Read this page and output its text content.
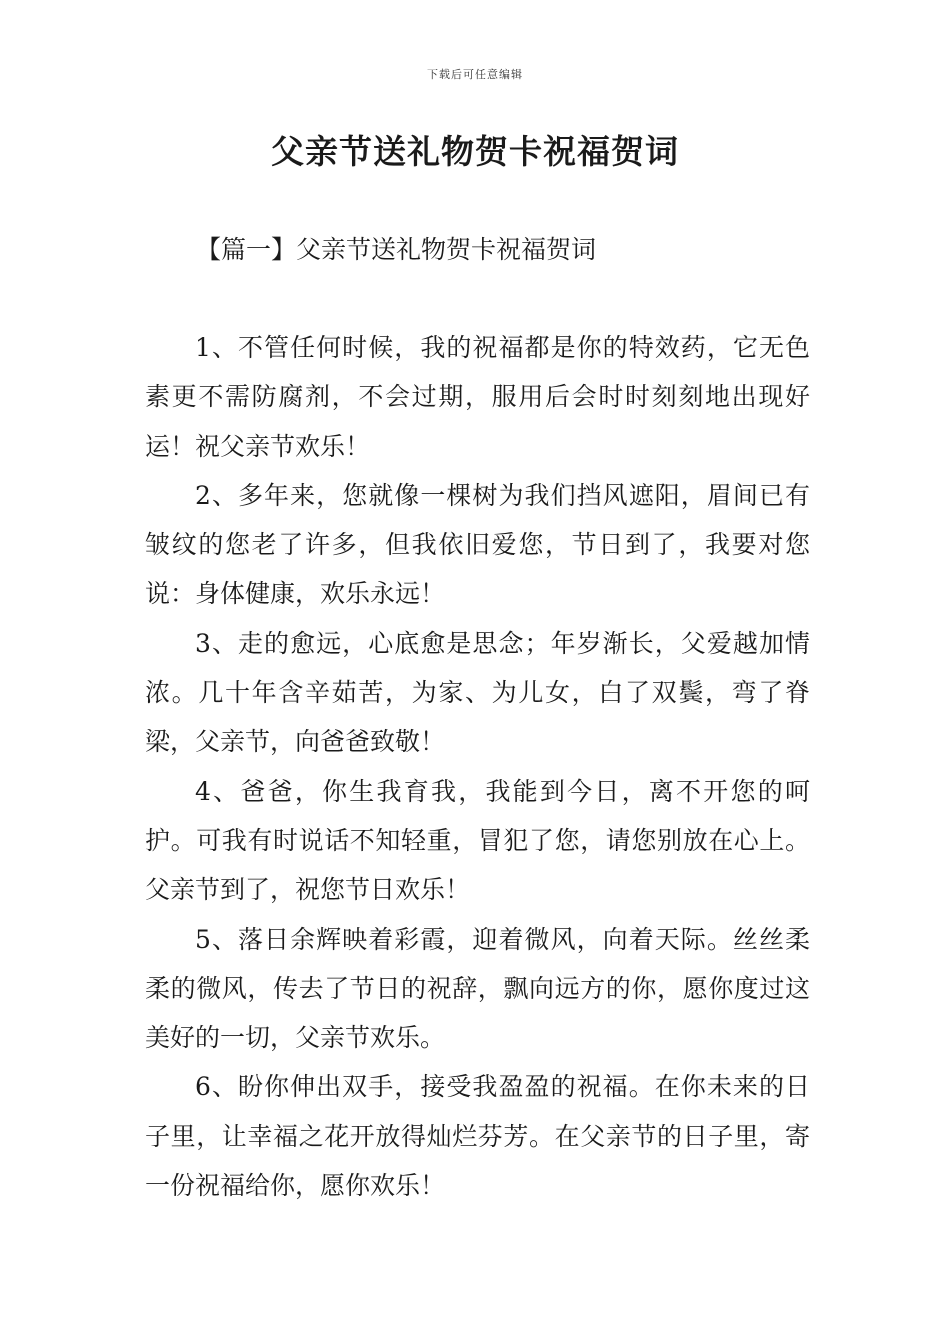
下载后可任意编辑
父亲节送礼物贺卡祝福贺词
【篇一】父亲节送礼物贺卡祝福贺词

1、不管任何时候，我的祝福都是你的特效药，它无色素更不需防腐剂，不会过期，服用后会时时刻刻地出现好运！祝父亲节欢乐！

2、多年来，您就像一棵树为我们挡风遮阳，眉间已有皱纹的您老了许多，但我依旧爱您，节日到了，我要对您说：身体健康，欢乐永远！

3、走的愈远，心底愈是思念；年岁渐长，父爱越加情浓。几十年含辛茹苦，为家、为儿女，白了双鬓，弯了脊梁，父亲节，向爸爸致敬！

4、爸爸，你生我育我，我能到今日，离不开您的呵护。可我有时说话不知轻重，冒犯了您，请您别放在心上。父亲节到了，祝您节日欢乐！

5、落日余辉映着彩霞，迎着微风，向着天际。丝丝柔柔的微风，传去了节日的祝辞，飘向远方的你，愿你度过这美好的一切，父亲节欢乐。

6、盼你伸出双手，接受我盈盈的祝福。在你未来的日子里，让幸福之花开放得灿烂芬芳。在父亲节的日子里，寄一份祝福给你，愿你欢乐！
